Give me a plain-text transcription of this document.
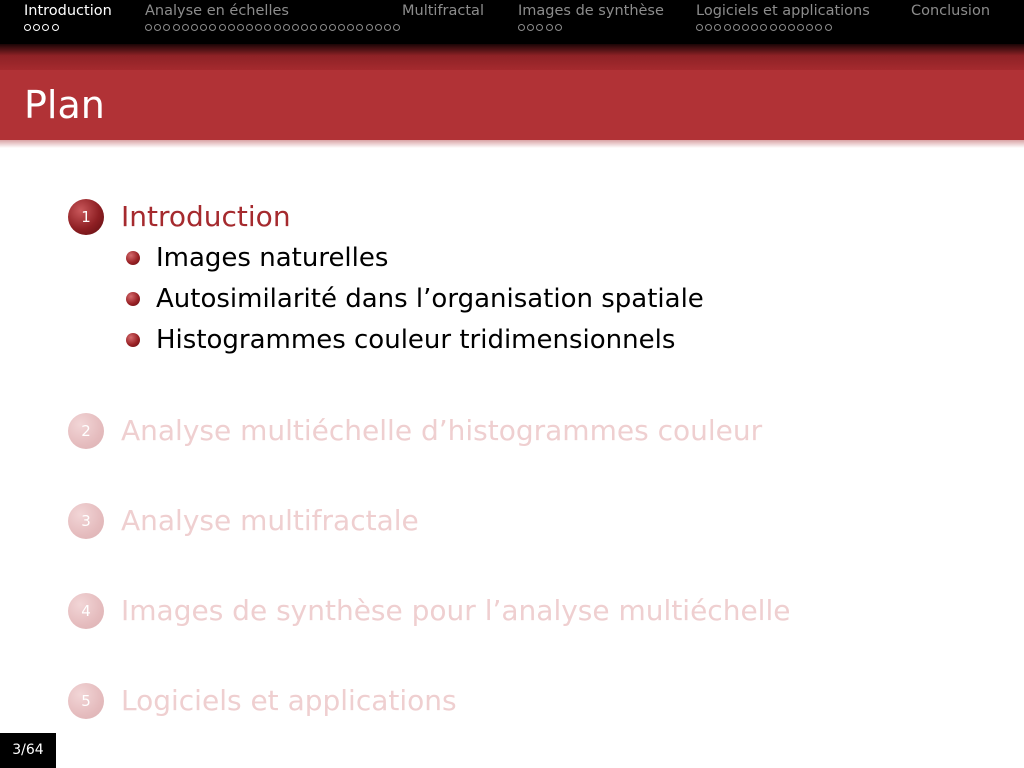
Introduction Analyse en échelles	Multifractal Images de synthèse Logiciels et applications	Conclusion
Plan
1	Introduction
Images naturelles
Autosimilarité dans l’organisation spatiale
Histogrammes couleur tridimensionnels
2	Analyse multiéchelle d’histogrammes couleur
3	Analyse multifractale
4	Images de synthèse pour l’analyse multiéchelle
5	Logiciels et applications
3/64
